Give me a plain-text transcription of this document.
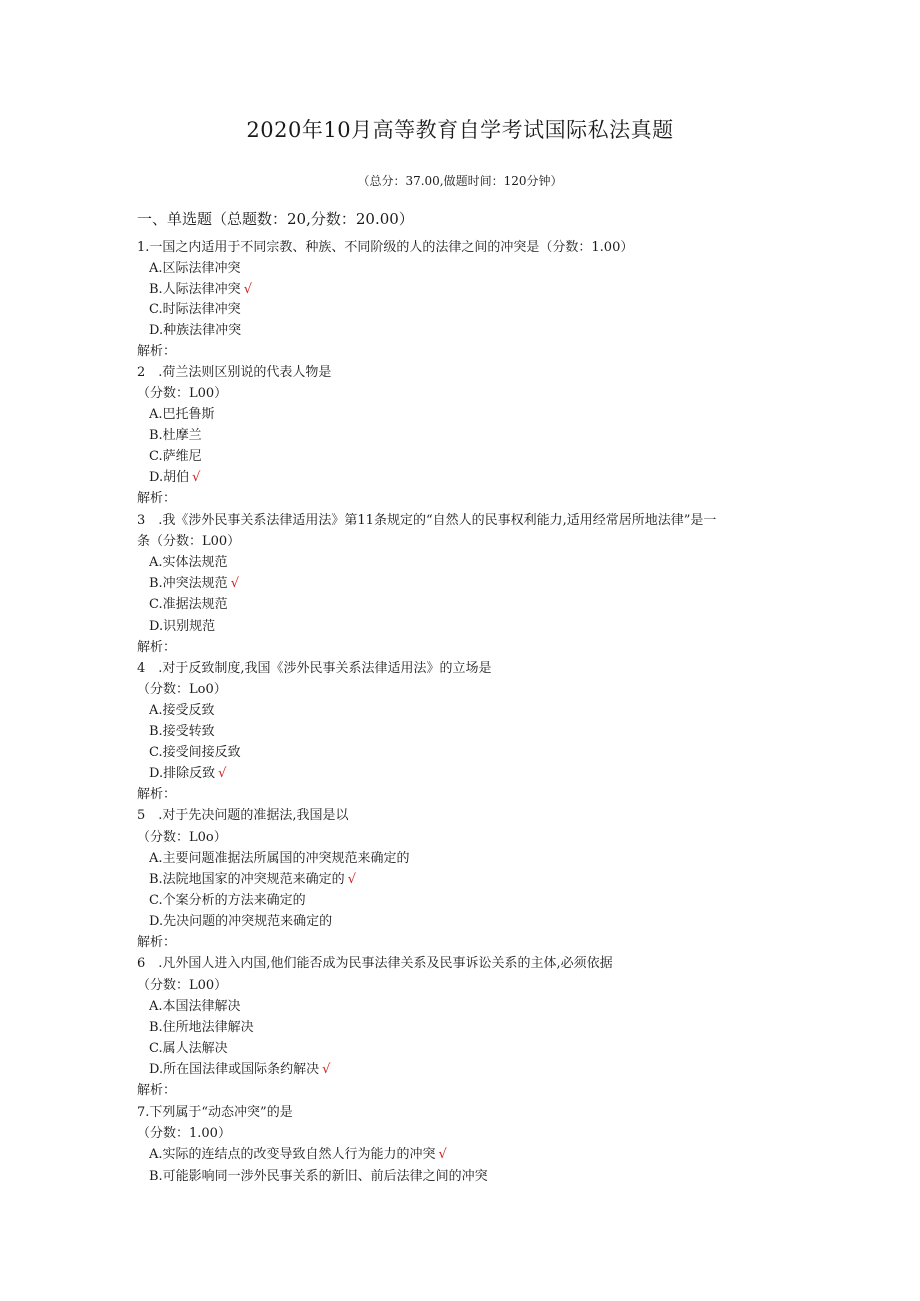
2020年10月高等教育自学考试国际私法真题
（总分：37.00,做题时间：120分钟）
一、单选题（总题数：20,分数：20.00）
1.一国之内适用于不同宗教、种族、不同阶级的人的法律之间的冲突是（分数：1.00）
A.区际法律冲突
B.人际法律冲突 √
C.时际法律冲突
D.种族法律冲突
解析：
2　.荷兰法则区别说的代表人物是
（分数：L00）
A.巴托鲁斯
B.杜摩兰
C.萨维尼
D.胡伯 √
解析：
3　.我《涉外民事关系法律适用法》第11条规定的“自然人的民事权利能力,适用经常居所地法律”是一
条（分数：L00）
A.实体法规范
B.冲突法规范 √
C.准据法规范
D.识别规范
解析：
4　.对于反致制度,我国《涉外民事关系法律适用法》的立场是
（分数：Lo0）
A.接受反致
B.接受转致
C.接受间接反致
D.排除反致 √
解析：
5　.对于先决问题的准据法,我国是以
（分数：L0o）
A.主要问题准据法所属国的冲突规范来确定的
B.法院地国家的冲突规范来确定的 √
C.个案分析的方法来确定的
D.先决问题的冲突规范来确定的
解析：
6　.凡外国人进入内国,他们能否成为民事法律关系及民事诉讼关系的主体,必须依据
（分数：L00）
A.本国法律解决
B.住所地法律解决
C.属人法解决
D.所在国法律或国际条约解决 √
解析：
7.下列属于“动态冲突”的是
（分数：1.00）
A.实际的连结点的改变导致自然人行为能力的冲突 √
B.可能影响同一涉外民事关系的新旧、前后法律之间的冲突
